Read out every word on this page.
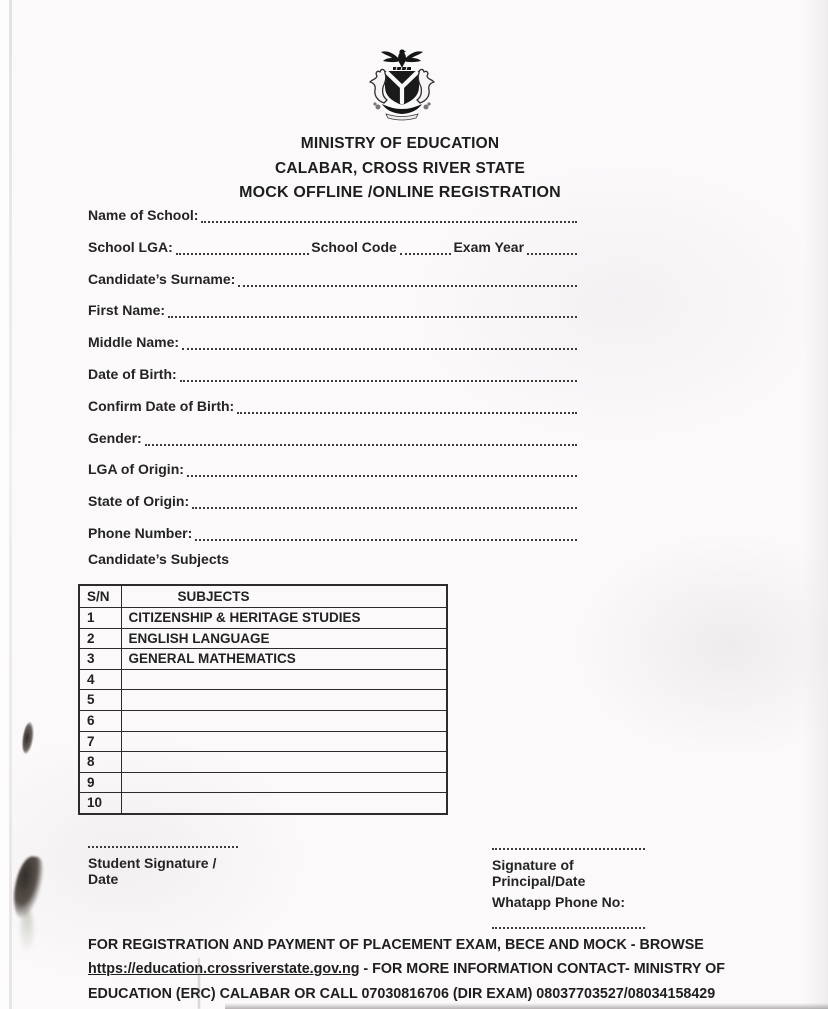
MINISTRY OF EDUCATION
CALABAR, CROSS RIVER STATE
MOCK OFFLINE /ONLINE REGISTRATION
Name of School:
School LGA:	School Code	Exam Year
Candidate’s Surname:
First Name:
Middle Name:
Date of Birth:
Confirm Date of Birth:
Gender:
LGA of Origin:
State of Origin:
Phone Number:
Candidate’s Subjects
S/N	SUBJECTS
1	CITIZENSHIP & HERITAGE STUDIES
2	ENGLISH LANGUAGE
3	GENERAL MATHEMATICS
4	
5	
6	
7	
8	
9	
10	
Student Signature / Date
Signature of Principal/Date
Whatapp Phone No:
FOR REGISTRATION AND PAYMENT OF PLACEMENT EXAM, BECE AND MOCK - BROWSE
https://education.crossriverstate.gov.ng - FOR MORE INFORMATION CONTACT- MINISTRY OF
EDUCATION (ERC) CALABAR OR CALL 07030816706 (DIR EXAM) 08037703527/08034158429
